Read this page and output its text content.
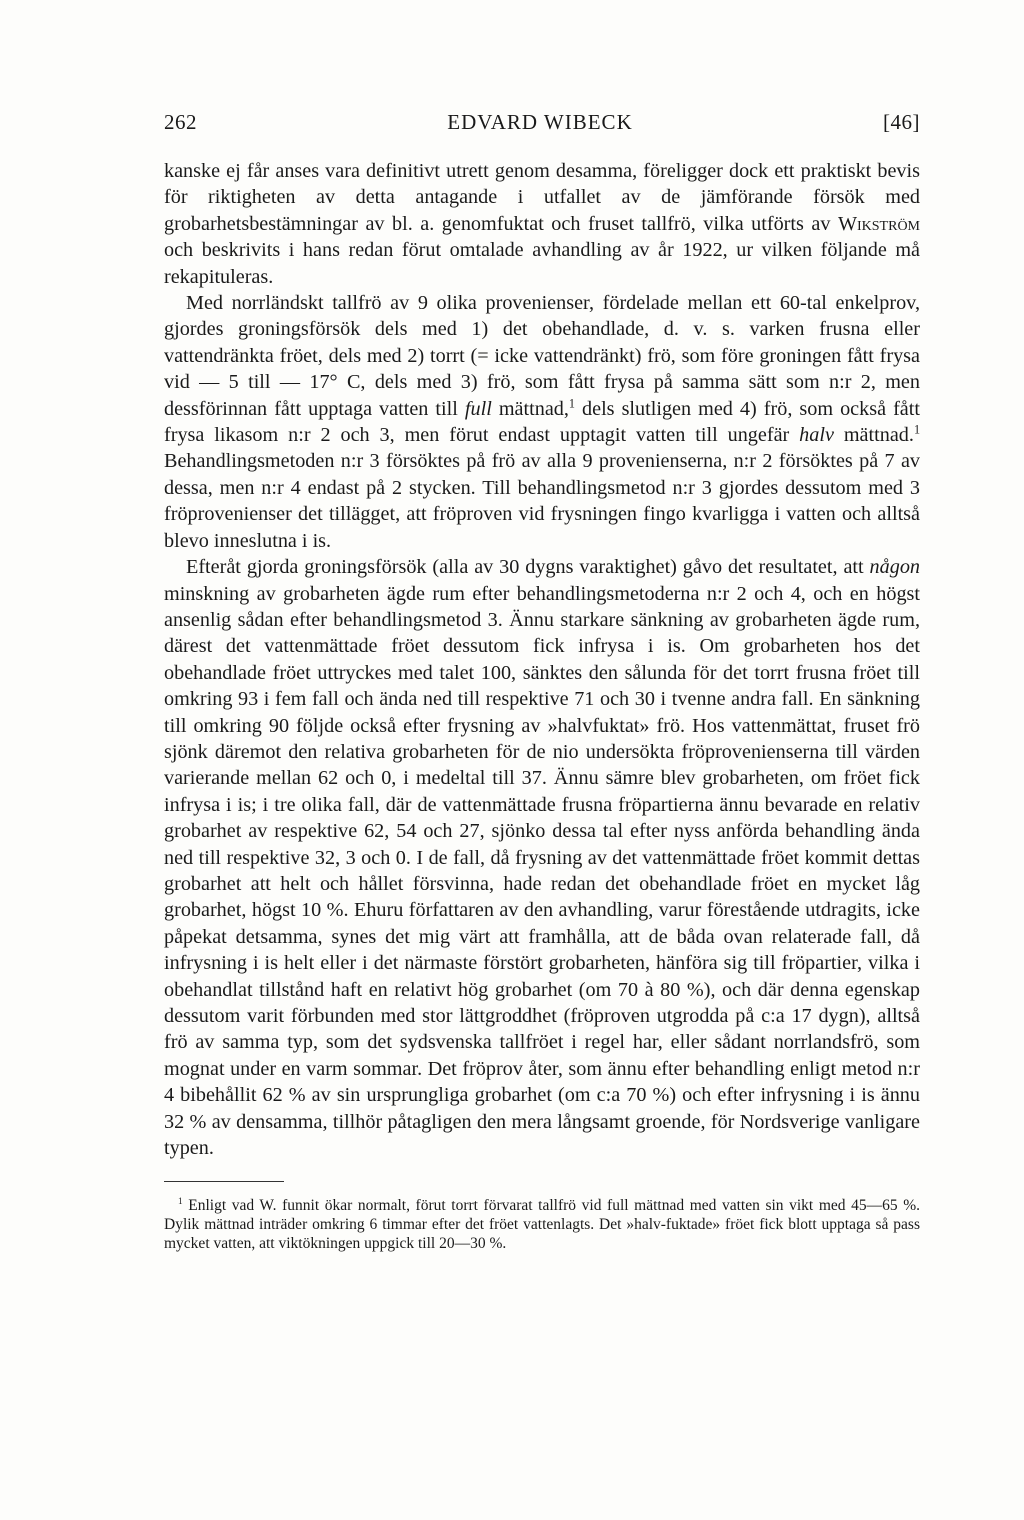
262	EDVARD WIBECK	[46]

kanske ej får anses vara definitivt utrett genom desamma, föreligger dock ett praktiskt bevis för riktigheten av detta antagande i utfallet av de jämförande försök med grobarhetsbestämningar av bl. a. genomfuktat och fruset tallfrö, vilka utförts av Wikström och beskrivits i hans redan förut omtalade avhandling av år 1922, ur vilken följande må rekapituleras.

Med norrländskt tallfrö av 9 olika provenienser, fördelade mellan ett 60-tal enkelprov, gjordes groningsförsök dels med 1) det obehandlade, d. v. s. varken frusna eller vattendränkta fröet, dels med 2) torrt (= icke vattendränkt) frö, som före groningen fått frysa vid — 5 till — 17° C, dels med 3) frö, som fått frysa på samma sätt som n:r 2, men dessförinnan fått upptaga vatten till full mättnad,$^1$ dels slutligen med 4) frö, som också fått frysa likasom n:r 2 och 3, men förut endast upptagit vatten till ungefär halv mättnad.$^1$ Behandlingsmetoden n:r 3 försöktes på frö av alla 9 provenienserna, n:r 2 försöktes på 7 av dessa, men n:r 4 endast på 2 stycken. Till behandlingsmetod n:r 3 gjordes dessutom med 3 fröprovenienser det tillägget, att fröproven vid frysningen fingo kvarligga i vatten och alltså blevo inneslutna i is.

Efteråt gjorda groningsförsök (alla av 30 dygns varaktighet) gåvo det resultatet, att någon minskning av grobarheten ägde rum efter behandlingsmetoderna n:r 2 och 4, och en högst ansenlig sådan efter behandlingsmetod 3. Ännu starkare sänkning av grobarheten ägde rum, därest det vattenmättade fröet dessutom fick infrysa i is. Om grobarheten hos det obehandlade fröet uttryckes med talet 100, sänktes den sålunda för det torrt frusna fröet till omkring 93 i fem fall och ända ned till respektive 71 och 30 i tvenne andra fall. En sänkning till omkring 90 följde också efter frysning av »halvfuktat» frö. Hos vattenmättat, fruset frö sjönk däremot den relativa grobarheten för de nio undersökta fröprovenienserna till värden varierande mellan 62 och 0, i medeltal till 37. Ännu sämre blev grobarheten, om fröet fick infrysa i is; i tre olika fall, där de vattenmättade frusna fröpartierna ännu bevarade en relativ grobarhet av respektive 62, 54 och 27, sjönko dessa tal efter nyss anförda behandling ända ned till respektive 32, 3 och 0. I de fall, då frysning av det vattenmättade fröet kommit dettas grobarhet att helt och hållet försvinna, hade redan det obehandlade fröet en mycket låg grobarhet, högst 10 %. Ehuru författaren av den avhandling, varur förestående utdragits, icke påpekat detsamma, synes det mig värt att framhålla, att de båda ovan relaterade fall, då infrysning i is helt eller i det närmaste förstört grobarheten, hänföra sig till fröpartier, vilka i obehandlat tillstånd haft en relativt hög grobarhet (om 70 à 80 %), och där denna egenskap dessutom varit förbunden med stor lättgroddhet (fröproven utgrodda på c:a 17 dygn), alltså frö av samma typ, som det sydsvenska tallfröet i regel har, eller sådant norrlandsfrö, som mognat under en varm sommar. Det fröprov åter, som ännu efter behandling enligt metod n:r 4 bibehållit 62 % av sin ursprungliga grobarhet (om c:a 70 %) och efter infrysning i is ännu 32 % av densamma, tillhör påtagligen den mera långsamt groende, för Nordsverige vanligare typen.

$^1$ Enligt vad W. funnit ökar normalt, förut torrt förvarat tallfrö vid full mättnad med vatten sin vikt med 45—65 %. Dylik mättnad inträder omkring 6 timmar efter det fröet vattenlagts. Det »halv-fuktade» fröet fick blott upptaga så pass mycket vatten, att viktökningen uppgick till 20—30 %.
